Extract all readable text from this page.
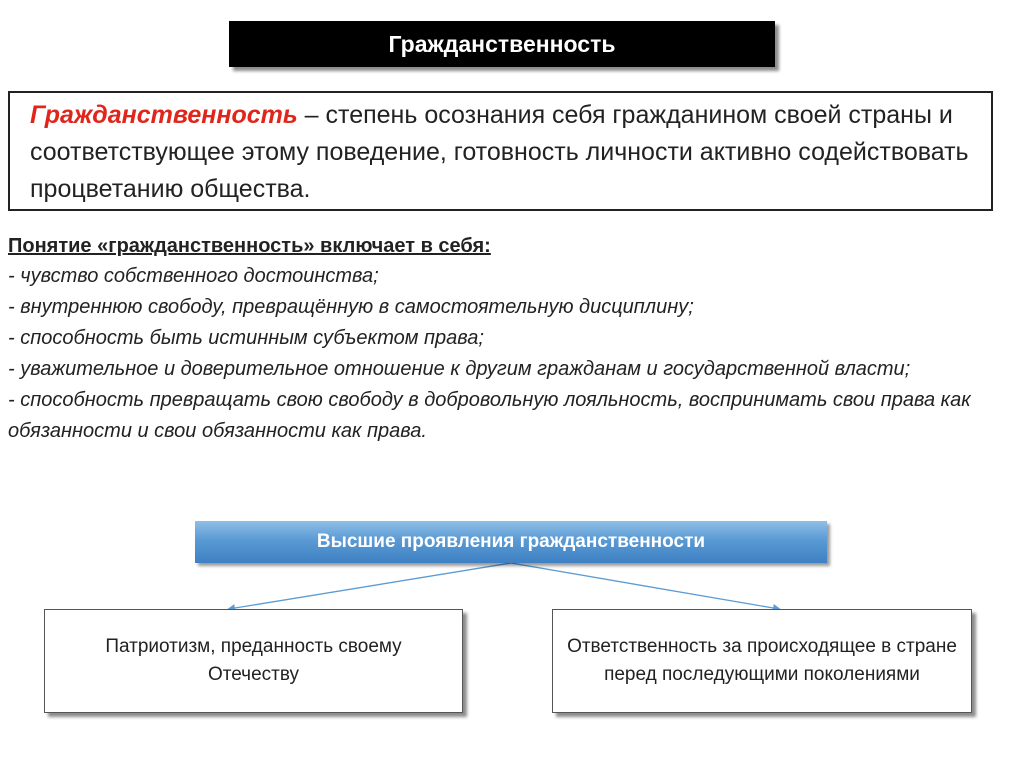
Гражданственность

Гражданственность – степень осознания себя гражданином своей страны и соответствующее этому поведение, готовность личности активно содействовать процветанию общества.

Понятие «гражданственность» включает в себя:

- чувство собственного достоинства;
- внутреннюю свободу, превращённую в самостоятельную дисциплину;
- способность быть истинным субъектом права;
- уважительное и доверительное отношение к другим гражданам и государственной власти;
- способность превращать свою свободу в добровольную лояльность, воспринимать свои права как обязанности и свои обязанности как права.
Высшие проявления гражданственности
Патриотизм, преданность своему Отечеству
Ответственность за происходящее в стране перед последующими поколениями
